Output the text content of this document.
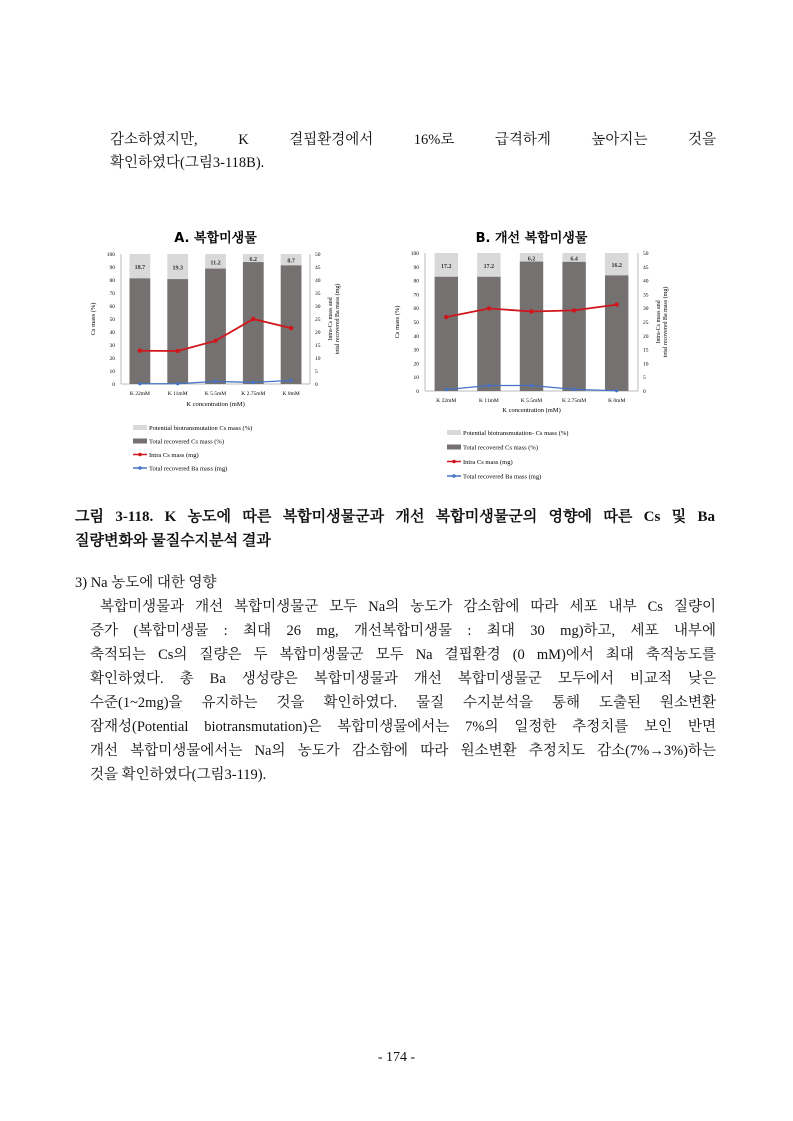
감소하였지만, K 결핍환경에서 16%로 급격하게 높아지는 것을
확인하였다(그림3-118B).
A. 복합미생물
0
10
20
30
40
50
60
70
80
90
100
0
5
10
15
20
25
30
35
40
45
50
Cs mass (%)	Intra-Cs mass and total recovered Ba mass (mg)
18.7
K 22mM
19.3
K 11mM
11.2
K 5.5mM
6.2
K 2.75mM
8.7
K 0mM
K concentration (mM)
Potential biotransmutation Cs mass (%)
Total recovered Cs mass (%)
Intra Cs mass (mg)
Total recovered Ba mass (mg)
B. 개선 복합미생물
0
10
20
30
40
50
60
70
80
90
100
0
5
10
15
20
25
30
35
40
45
50
Cs mass (%)	Intra-Cs mass and total recovered Ba mass (mg)
17.2
K 22mM
17.2
K 11mM
6.2
K 5.5mM
6.4
K 2.75mM
16.2
K 0mM
K concentration (mM)
Potential biotransmutation- Cs mass (%)
Total recovered Cs mass (%)
Intra Cs mass (mg)
Total recovered Ba mass (mg)
그림 3-118. K 농도에 따른 복합미생물군과 개선 복합미생물군의 영향에 따른 Cs 및 Ba
질량변화와 물질수지분석 결과
3) Na 농도에 대한 영향
복합미생물과 개선 복합미생물군 모두 Na의 농도가 감소함에 따라 세포 내부 Cs 질량이
증가 (복합미생물 : 최대 26 mg, 개선복합미생물 : 최대 30 mg)하고, 세포 내부에
축적되는 Cs의 질량은 두 복합미생물군 모두 Na 결핍환경 (0 mM)에서 최대 축적농도를
확인하였다. 총 Ba 생성량은 복합미생물과 개선 복합미생물군 모두에서 비교적 낮은
수준(1~2mg)을 유지하는 것을 확인하였다. 물질 수지분석을 통해 도출된 원소변환
잠재성(Potential biotransmutation)은 복합미생물에서는 7%의 일정한 추정치를 보인 반면
개선 복합미생물에서는 Na의 농도가 감소함에 따라 원소변환 추정치도 감소(7%→3%)하는
것을 확인하였다(그림3-119).
- 174 -
